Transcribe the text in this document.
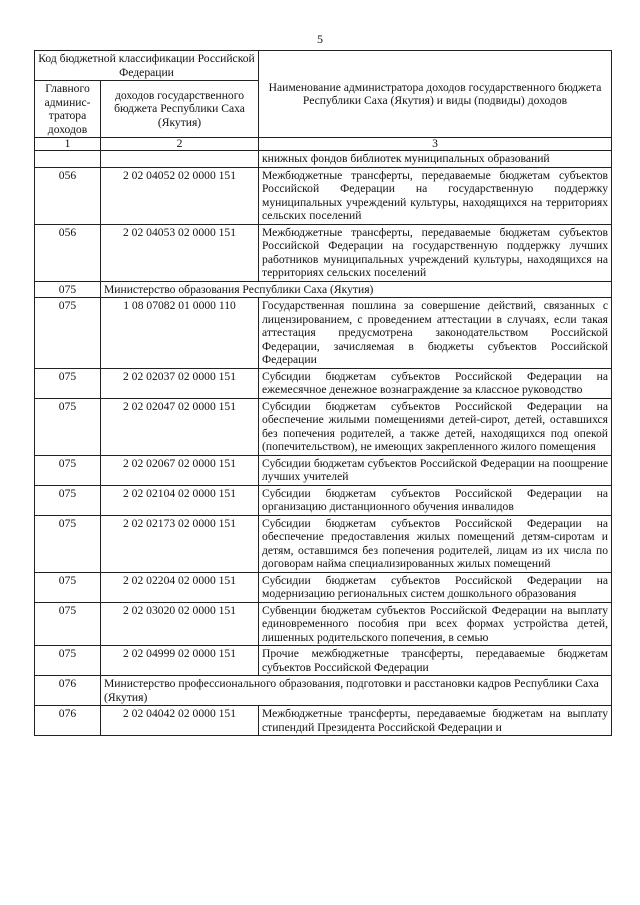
5
Код бюджетной классификации Российской Федерации		Наименование администратора доходов государственного бюджета Республики Саха (Якутия) и виды (подвиды) доходов
Главного админис-тратора доходов	доходов государственного бюджета Республики Саха (Якутия)	
1	2	3
		книжных фондов библиотек муниципальных образований
056	2 02 04052 02 0000 151	Межбюджетные трансферты, передаваемые бюджетам субъектов Российской Федерации на государственную поддержку муниципальных учреждений культуры, находящихся на территориях сельских поселений
056	2 02 04053 02 0000 151	Межбюджетные трансферты, передаваемые бюджетам субъектов Российской Федерации на государственную поддержку лучших работников муниципальных учреждений культуры, находящихся на территориях сельских поселений
075	Министерство образования Республики Саха (Якутия)	
075	1 08 07082 01 0000 110	Государственная пошлина за совершение действий, связанных с лицензированием, с проведением аттестации в случаях, если такая аттестация предусмотрена законодательством Российской Федерации, зачисляемая в бюджеты субъектов Российской Федерации
075	2 02 02037 02 0000 151	Субсидии бюджетам субъектов Российской Федерации на ежемесячное денежное вознаграждение за классное руководство
075	2 02 02047 02 0000 151	Субсидии бюджетам субъектов Российской Федерации на обеспечение жилыми помещениями детей-сирот, детей, оставшихся без попечения родителей, а также детей, находящихся под опекой (попечительством), не имеющих закрепленного жилого помещения
075	2 02 02067 02 0000 151	Субсидии бюджетам субъектов Российской Федерации на поощрение лучших учителей
075	2 02 02104 02 0000 151	Субсидии бюджетам субъектов Российской Федерации на организацию дистанционного обучения инвалидов
075	2 02 02173 02 0000 151	Субсидии бюджетам субъектов Российской Федерации на обеспечение предоставления жилых помещений детям-сиротам и детям, оставшимся без попечения родителей, лицам из их числа по договорам найма специализированных жилых помещений
075	2 02 02204 02 0000 151	Субсидии бюджетам субъектов Российской Федерации на модернизацию региональных систем дошкольного образования
075	2 02 03020 02 0000 151	Субвенции бюджетам субъектов Российской Федерации на выплату единовременного пособия при всех формах устройства детей, лишенных родительского попечения, в семью
075	2 02 04999 02 0000 151	Прочие межбюджетные трансферты, передаваемые бюджетам субъектов Российской Федерации
076	Министерство профессионального образования, подготовки и расстановки кадров Республики Саха (Якутия)	
076	2 02 04042 02 0000 151	Межбюджетные трансферты, передаваемые бюджетам на выплату стипендий Президента Российской Федерации и
